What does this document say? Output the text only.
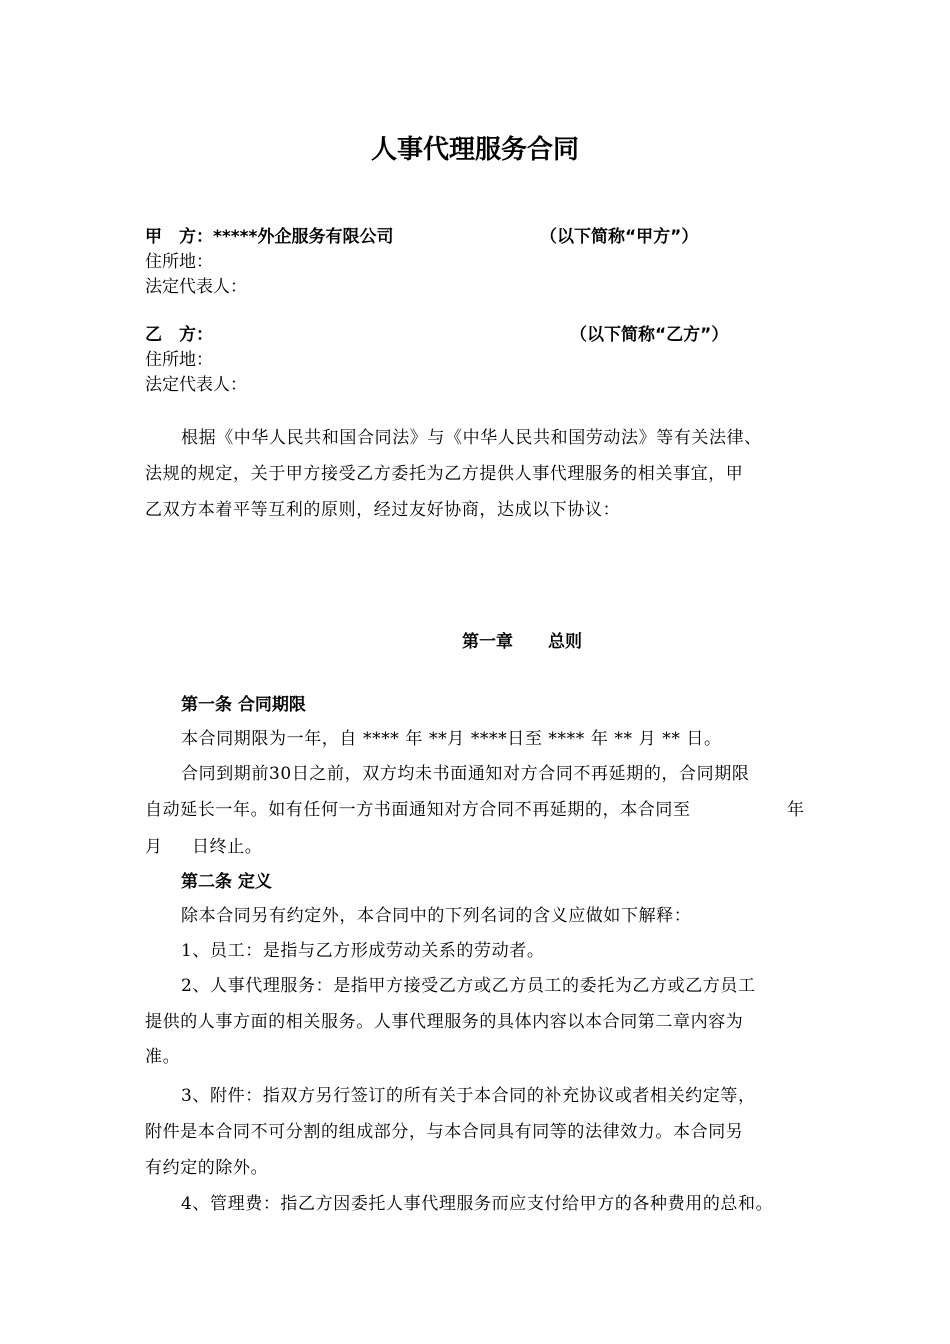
人事代理服务合同
甲　方：*****外企服务有限公司	（以下简称“甲方”）
住所地：
法定代表人：
乙　方：	（以下简称“乙方”）
住所地：
法定代表人：
根据《中华人民共和国合同法》与《中华人民共和国劳动法》等有关法律、
法规的规定，关于甲方接受乙方委托为乙方提供人事代理服务的相关事宜，甲
乙双方本着平等互利的原则，经过友好协商，达成以下协议：
第一章 总则
第一条 合同期限
本合同期限为一年，自 **** 年 **月 ****日至 **** 年 ** 月 ** 日。
合同到期前30日之前，双方均未书面通知对方合同不再延期的，合同期限
自动延长一年。如有任何一方书面通知对方合同不再延期的，本合同至	年
月 日终止。
第二条 定义
除本合同另有约定外，本合同中的下列名词的含义应做如下解释：
1、员工：是指与乙方形成劳动关系的劳动者。
2、人事代理服务：是指甲方接受乙方或乙方员工的委托为乙方或乙方员工
提供的人事方面的相关服务。人事代理服务的具体内容以本合同第二章内容为
准。
3、附件：指双方另行签订的所有关于本合同的补充协议或者相关约定等，
附件是本合同不可分割的组成部分，与本合同具有同等的法律效力。本合同另
有约定的除外。
4、管理费：指乙方因委托人事代理服务而应支付给甲方的各种费用的总和。
